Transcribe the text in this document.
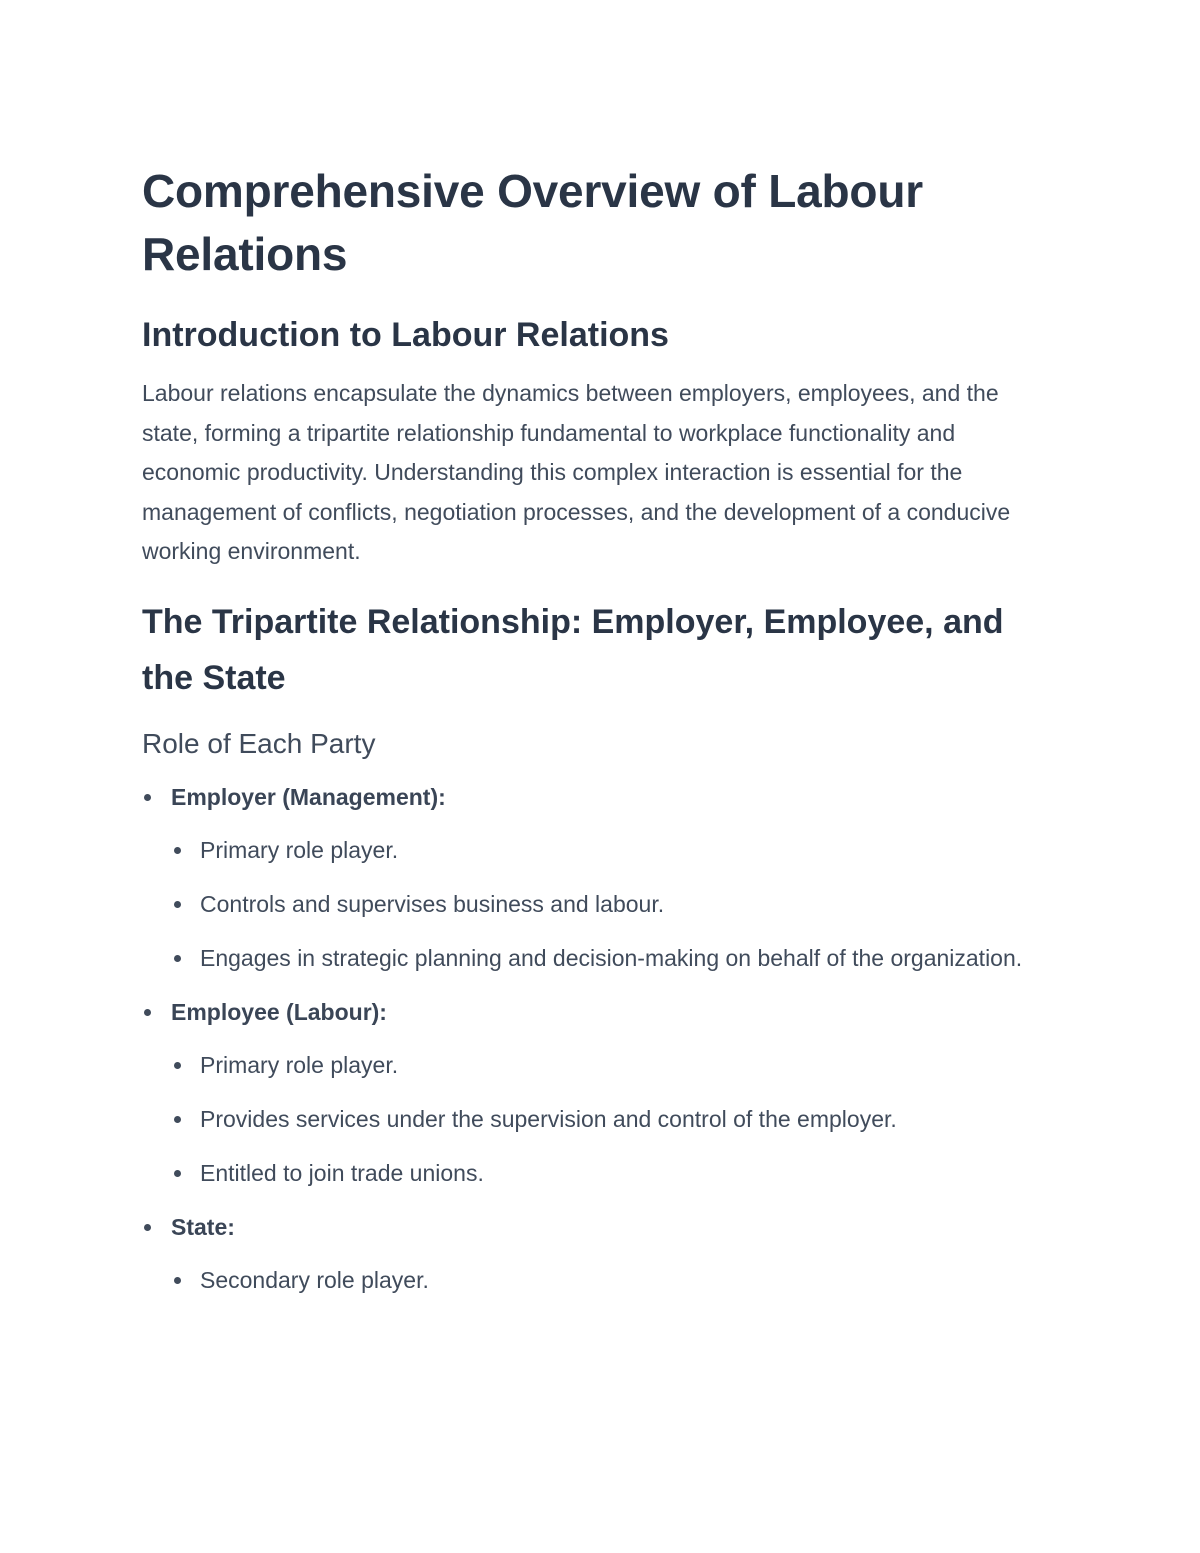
Comprehensive Overview of Labour Relations
Introduction to Labour Relations

Labour relations encapsulate the dynamics between employers, employees, and the state, forming a tripartite relationship fundamental to workplace functionality and economic productivity. Understanding this complex interaction is essential for the management of conflicts, negotiation processes, and the development of a conducive working environment.

The Tripartite Relationship: Employer, Employee, and the State
Role of Each Party
Employer (Management):
Primary role player.
Controls and supervises business and labour.
Engages in strategic planning and decision-making on behalf of the organization.
Employee (Labour):
Primary role player.
Provides services under the supervision and control of the employer.
Entitled to join trade unions.
State:
Secondary role player.
